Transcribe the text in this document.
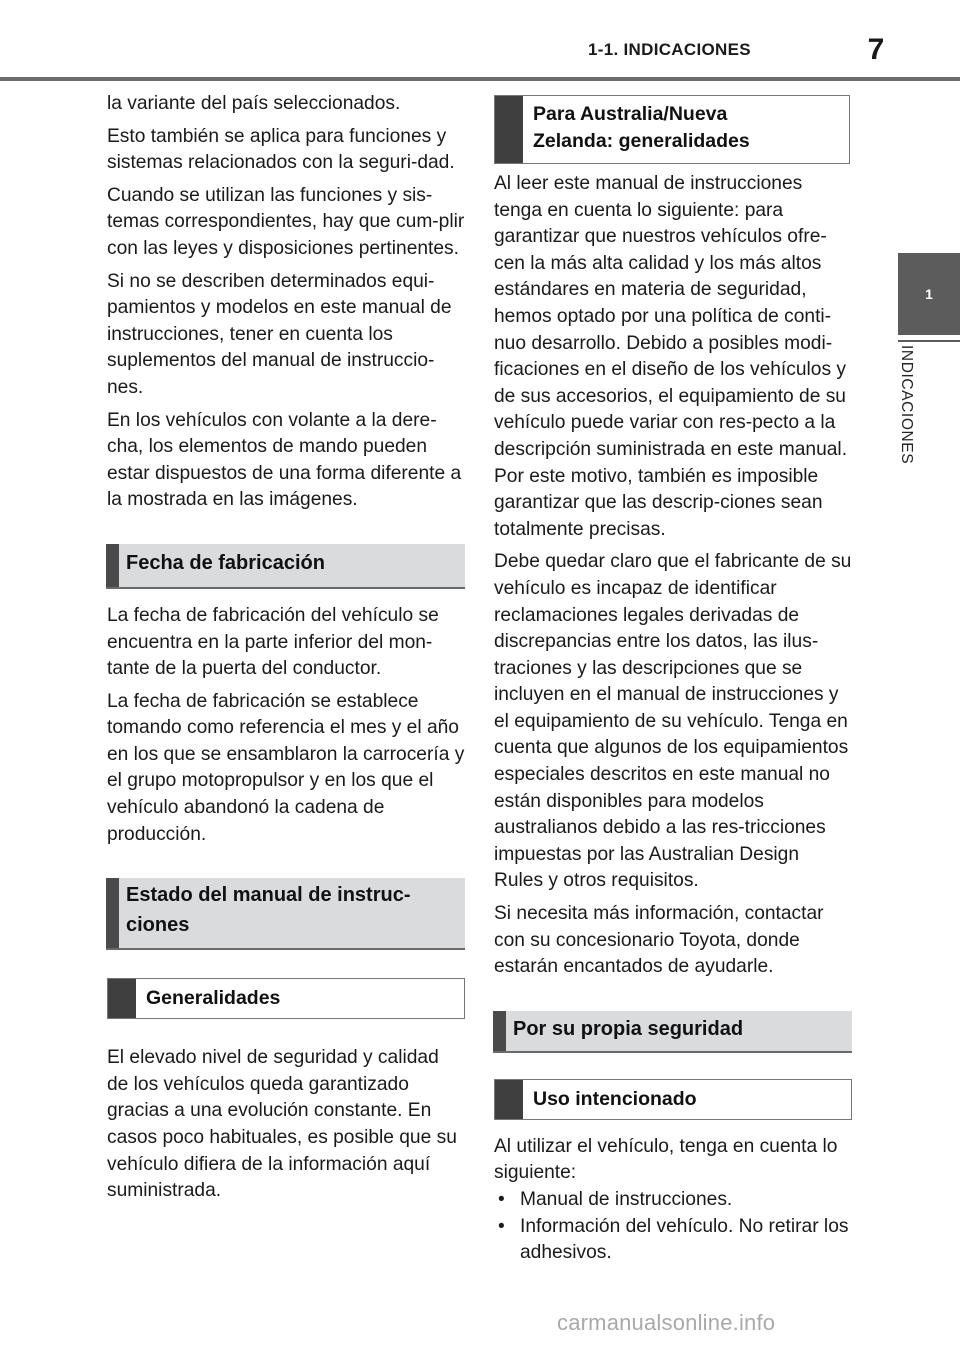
1-1. INDICACIONES	7
1
INDICACIONES

la variante del país seleccionados.

Esto también se aplica para funciones y sistemas relacionados con la seguri-dad.

Cuando se utilizan las funciones y sis-temas correspondientes, hay que cum-plir con las leyes y disposiciones pertinentes.

Si no se describen determinados equi-pamientos y modelos en este manual de instrucciones, tener en cuenta los suplementos del manual de instruccio-nes.

En los vehículos con volante a la dere-cha, los elementos de mando pueden estar dispuestos de una forma diferente a la mostrada en las imágenes.

Fecha de fabricación

La fecha de fabricación del vehículo se encuentra en la parte inferior del mon-tante de la puerta del conductor.

La fecha de fabricación se establece tomando como referencia el mes y el año en los que se ensamblaron la carrocería y el grupo motopropulsor y en los que el vehículo abandonó la cadena de producción.

Estado del manual de instruc-ciones
Generalidades

El elevado nivel de seguridad y calidad de los vehículos queda garantizado gracias a una evolución constante. En casos poco habituales, es posible que su vehículo difiera de la información aquí suministrada.

Para Australia/Nueva Zelanda: generalidades

Al leer este manual de instrucciones tenga en cuenta lo siguiente: para garantizar que nuestros vehículos ofre-cen la más alta calidad y los más altos estándares en materia de seguridad, hemos optado por una política de conti-nuo desarrollo. Debido a posibles modi-ficaciones en el diseño de los vehículos y de sus accesorios, el equipamiento de su vehículo puede variar con res-pecto a la descripción suministrada en este manual. Por este motivo, también es imposible garantizar que las descrip-ciones sean totalmente precisas.

Debe quedar claro que el fabricante de su vehículo es incapaz de identificar reclamaciones legales derivadas de discrepancias entre los datos, las ilus-traciones y las descripciones que se incluyen en el manual de instrucciones y el equipamiento de su vehículo. Tenga en cuenta que algunos de los equipamientos especiales descritos en este manual no están disponibles para modelos australianos debido a las res-tricciones impuestas por las Australian Design Rules y otros requisitos.

Si necesita más información, contactar con su concesionario Toyota, donde estarán encantados de ayudarle.

Por su propia seguridad
Uso intencionado

Al utilizar el vehículo, tenga en cuenta lo siguiente:

• Manual de instrucciones.
• Información del vehículo. No retirar los adhesivos.
carmanualsonline.info
